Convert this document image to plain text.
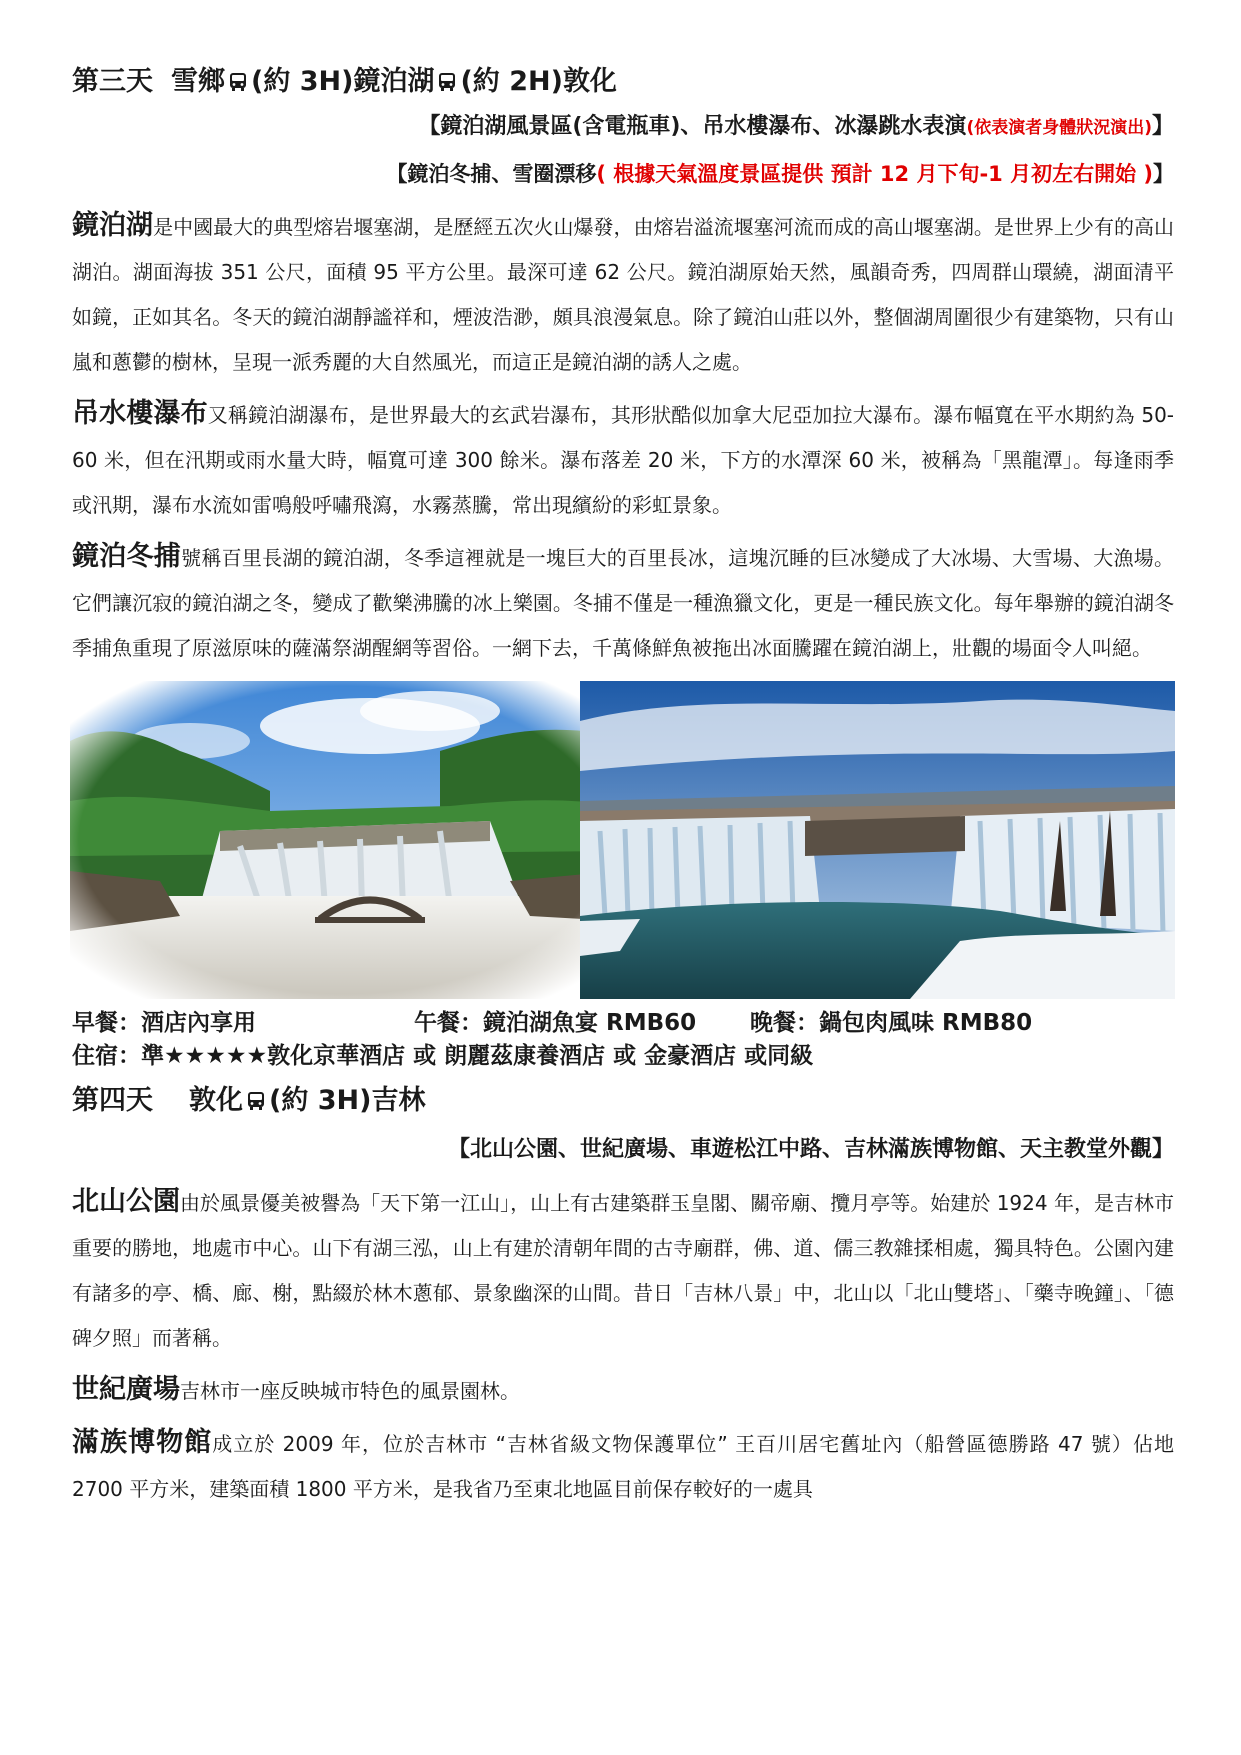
第三天 雪鄉 (約 3H)鏡泊湖 (約 2H)敦化

【鏡泊湖風景區(含電瓶車)、吊水樓瀑布、冰瀑跳水表演(依表演者身體狀況演出)】

【鏡泊冬捕、雪圈漂移( 根據天氣溫度景區提供 預計 12 月下旬-1 月初左右開始 )】

鏡泊湖是中國最大的典型熔岩堰塞湖，是歷經五次火山爆發，由熔岩溢流堰塞河流而成的高山堰塞湖。是世界上少有的高山湖泊。湖面海拔 351 公尺，面積 95 平方公里。最深可達 62 公尺。鏡泊湖原始天然，風韻奇秀，四周群山環繞，湖面清平如鏡，正如其名。冬天的鏡泊湖靜謐祥和，煙波浩渺，頗具浪漫氣息。除了鏡泊山莊以外，整個湖周圍很少有建築物，只有山嵐和蔥鬱的樹林，呈現一派秀麗的大自然風光，而這正是鏡泊湖的誘人之處。

吊水樓瀑布又稱鏡泊湖瀑布，是世界最大的玄武岩瀑布，其形狀酷似加拿大尼亞加拉大瀑布。瀑布幅寬在平水期約為 50-60 米，但在汛期或雨水量大時，幅寬可達 300 餘米。瀑布落差 20 米，下方的水潭深 60 米，被稱為「黑龍潭」。每逢雨季或汛期，瀑布水流如雷鳴般呼嘯飛瀉，水霧蒸騰，常出現繽紛的彩虹景象。

鏡泊冬捕號稱百里長湖的鏡泊湖，冬季這裡就是一塊巨大的百里長冰，這塊沉睡的巨冰變成了大冰場、大雪場、大漁場。它們讓沉寂的鏡泊湖之冬，變成了歡樂沸騰的冰上樂園。冬捕不僅是一種漁獵文化，更是一種民族文化。每年舉辦的鏡泊湖冬季捕魚重現了原滋原味的薩滿祭湖醒網等習俗。一網下去，千萬條鮮魚被拖出冰面騰躍在鏡泊湖上，壯觀的場面令人叫絕。

早餐：酒店內享用	午餐：鏡泊湖魚宴 RMB60 晚餐：鍋包肉風味 RMB80
住宿：準★★★★★敦化京華酒店 或 朗麗茲康養酒店 或 金豪酒店 或同級
第四天 敦化 (約 3H)吉林

【北山公園、世紀廣場、車遊松江中路、吉林滿族博物館、天主教堂外觀】

北山公園由於風景優美被譽為「天下第一江山」，山上有古建築群玉皇閣、關帝廟、攬月亭等。始建於 1924 年，是吉林市重要的勝地，地處市中心。山下有湖三泓，山上有建於清朝年間的古寺廟群，佛、道、儒三教雜揉相處，獨具特色。公園內建有諸多的亭、橋、廊、榭，點綴於林木蔥郁、景象幽深的山間。昔日「吉林八景」中，北山以「北山雙塔」、「藥寺晚鐘」、「德碑夕照」而著稱。

世紀廣場吉林市一座反映城市特色的風景園林。

滿族博物館成立於 2009 年，位於吉林市 “吉林省級文物保護單位” 王百川居宅舊址內（船營區德勝路 47 號）佔地 2700 平方米，建築面積 1800 平方米，是我省乃至東北地區目前保存較好的一處具
